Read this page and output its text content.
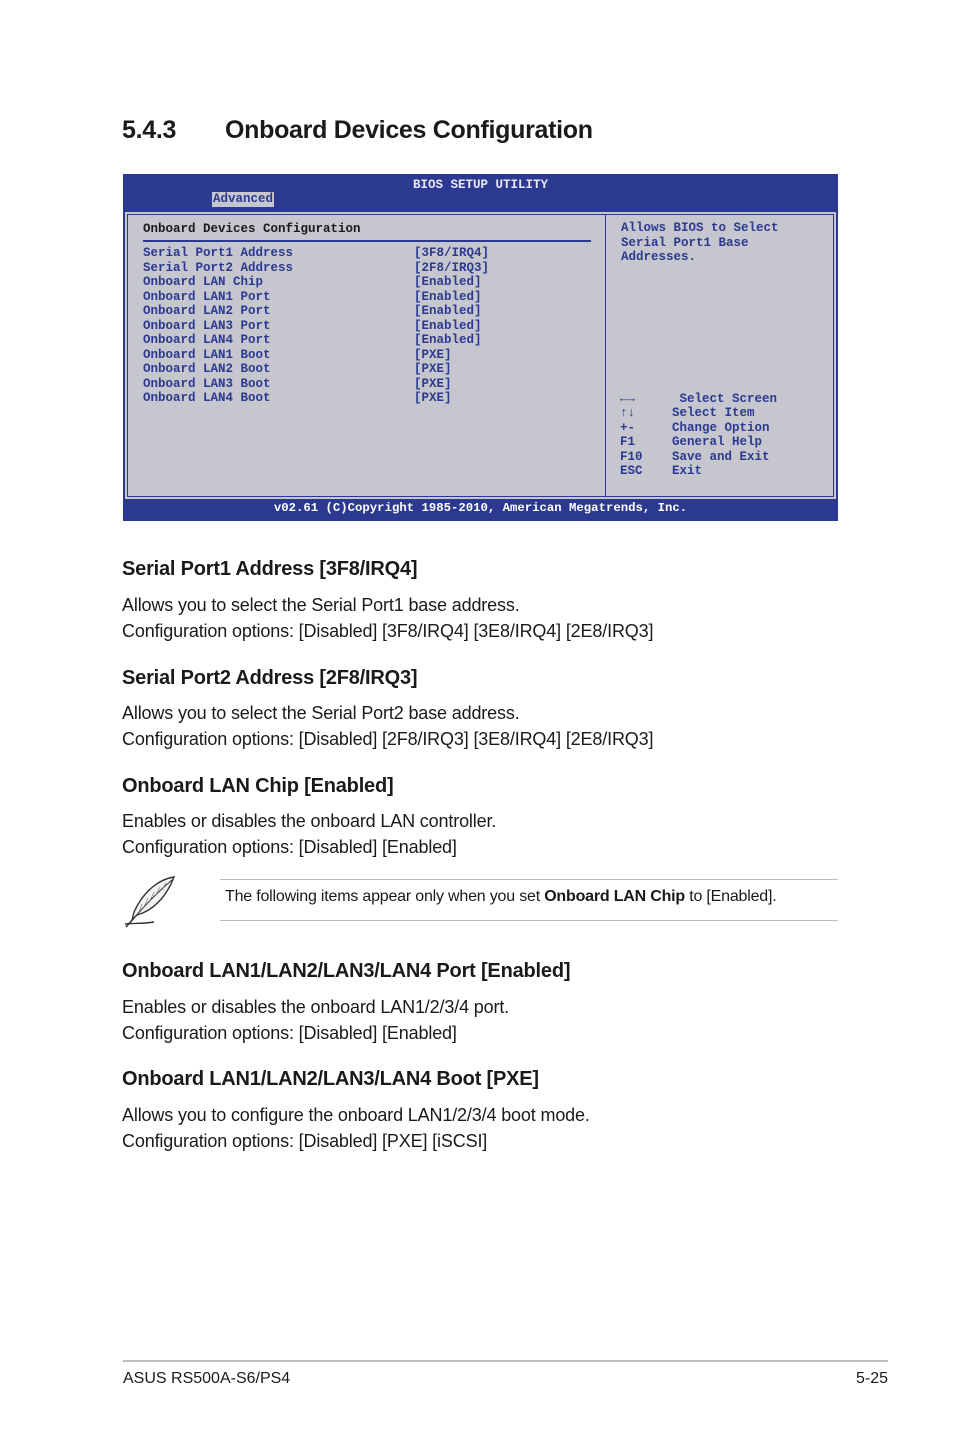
5.4.3 Onboard Devices Configuration
BIOS SETUP UTILITY
Advanced
Onboard Devices Configuration
Serial Port1 Address	[3F8/IRQ4]
Serial Port2 Address	[2F8/IRQ3]
Onboard LAN Chip	[Enabled]
Onboard LAN1 Port	[Enabled]
Onboard LAN2 Port	[Enabled]
Onboard LAN3 Port	[Enabled]
Onboard LAN4 Port	[Enabled]
Onboard LAN1 Boot	[PXE]
Onboard LAN2 Boot	[PXE]
Onboard LAN3 Boot	[PXE]
Onboard LAN4 Boot	[PXE]
Allows BIOS to Select
Serial Port1 Base
Addresses.
←→	Select Screen
↑↓	Select Item
+-	Change Option
F1	General Help
F10 Save and Exit
ESC Exit
v02.61 (C)Copyright 1985-2010, American Megatrends, Inc.
Serial Port1 Address [3F8/IRQ4]
Allows you to select the Serial Port1 base address.
Configuration options: [Disabled] [3F8/IRQ4] [3E8/IRQ4] [2E8/IRQ3]
Serial Port2 Address [2F8/IRQ3]
Allows you to select the Serial Port2 base address.
Configuration options: [Disabled] [2F8/IRQ3] [3E8/IRQ4] [2E8/IRQ3]
Onboard LAN Chip [Enabled]
Enables or disables the onboard LAN controller.
Configuration options: [Disabled] [Enabled]
The following items appear only when you set Onboard LAN Chip to [Enabled].
Onboard LAN1/LAN2/LAN3/LAN4 Port [Enabled]
Enables or disables the onboard LAN1/2/3/4 port.
Configuration options: [Disabled] [Enabled]
Onboard LAN1/LAN2/LAN3/LAN4 Boot [PXE]
Allows you to configure the onboard LAN1/2/3/4 boot mode.
Configuration options: [Disabled] [PXE] [iSCSI]
ASUS RS500A-S6/PS4	5-25
